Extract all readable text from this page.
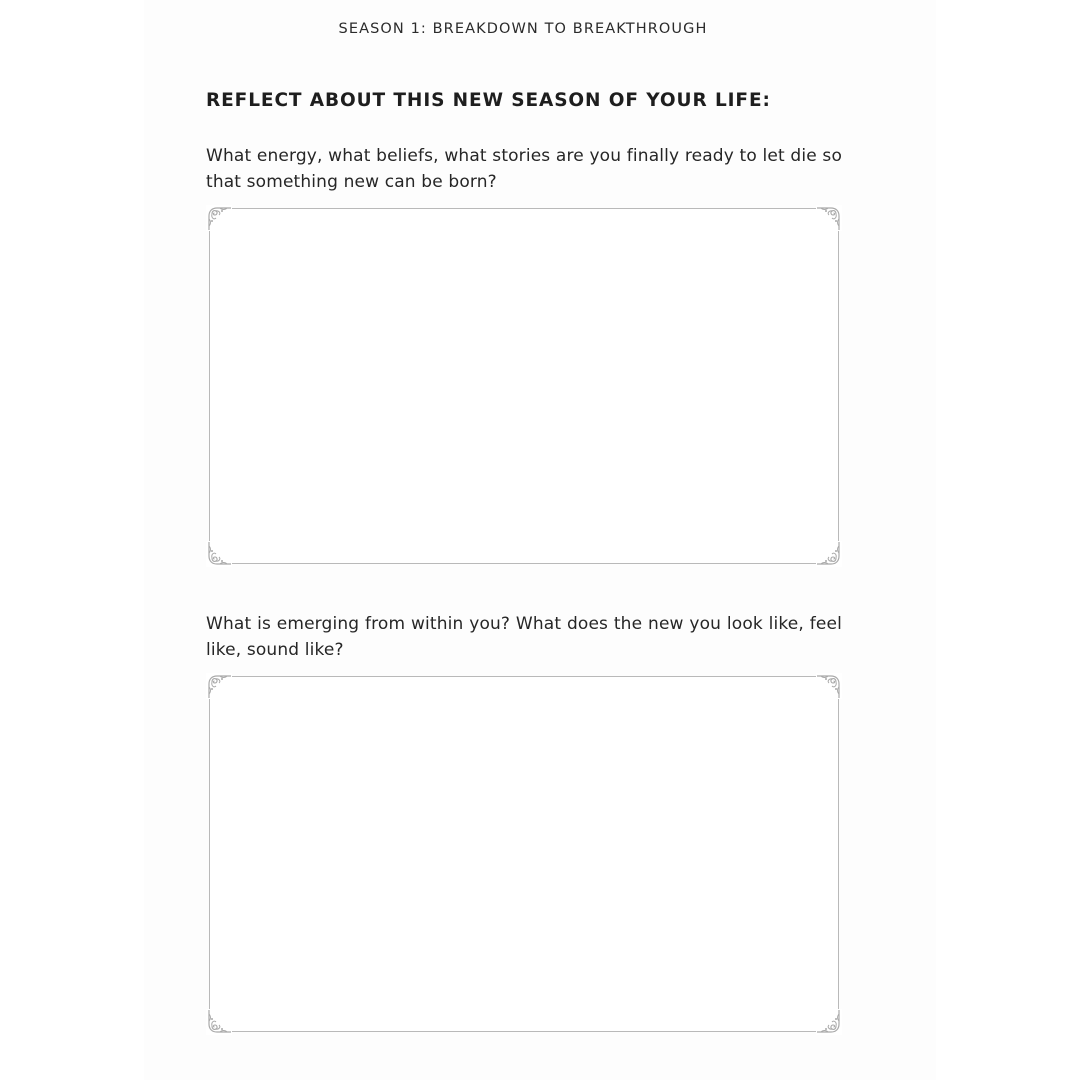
SEASON 1: BREAKDOWN TO BREAKTHROUGH
REFLECT ABOUT THIS NEW SEASON OF YOUR LIFE:
What energy, what beliefs, what stories are you finally ready to let die so that something new can be born?
What is emerging from within you? What does the new you look like, feel like, sound like?
